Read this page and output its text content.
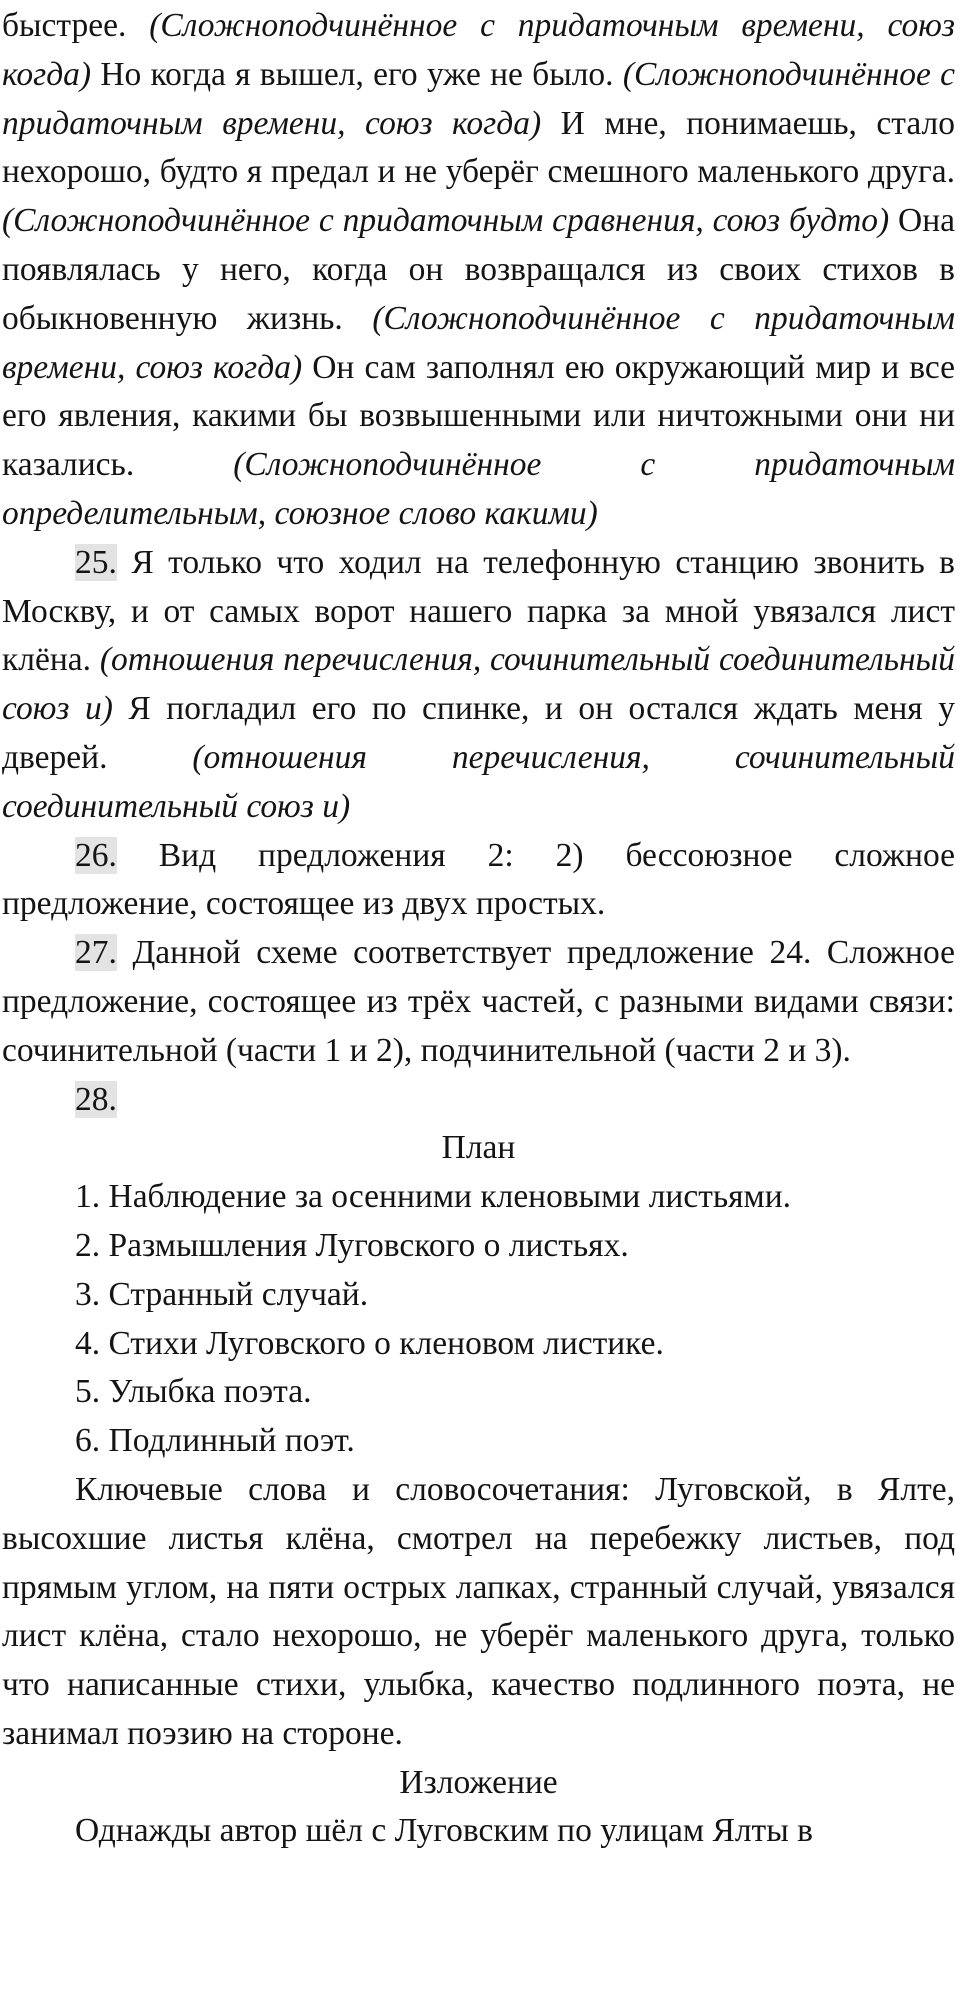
быстрее. (Сложноподчинённое с придаточным времени, союз когда) Но когда я вышел, его уже не было. (Сложноподчинённое с придаточным времени, союз когда) И мне, понимаешь, стало нехорошо, будто я предал и не уберёг смешного маленького друга. (Сложноподчинённое с придаточным сравнения, союз будто) Она появлялась у него, когда он возвращался из своих стихов в обыкновенную жизнь. (Сложноподчинённое с придаточным времени, союз когда) Он сам заполнял ею окружающий мир и все его явления, какими бы возвышенными или ничтожными они ни казались. (Сложноподчинённое с придаточным определительным, союзное слово какими)

25. Я только что ходил на телефонную станцию звонить в Москву, и от самых ворот нашего парка за мной увязался лист клёна. (отношения перечисления, сочинительный соединительный союз и) Я погладил его по спинке, и он остался ждать меня у дверей. (отношения перечисления, сочинительный соединительный союз и)

26. Вид предложения 2: 2) бессоюзное сложное предложение, состоящее из двух простых.

27. Данной схеме соответствует предложение 24. Сложное предложение, состоящее из трёх частей, с разными видами связи: сочинительной (части 1 и 2), подчинительной (части 2 и 3).

28.

План

1. Наблюдение за осенними кленовыми листьями.

2. Размышления Луговского о листьях.

3. Странный случай.

4. Стихи Луговского о кленовом листике.

5. Улыбка поэта.

6. Подлинный поэт.

Ключевые слова и словосочетания: Луговской, в Ялте, высохшие листья клёна, смотрел на перебежку листьев, под прямым углом, на пяти острых лапках, странный случай, увязался лист клёна, стало нехорошо, не уберёг маленького друга, только что написанные стихи, улыбка, качество подлинного поэта, не занимал поэзию на стороне.

Изложение

Однажды автор шёл с Луговским по улицам Ялты в
